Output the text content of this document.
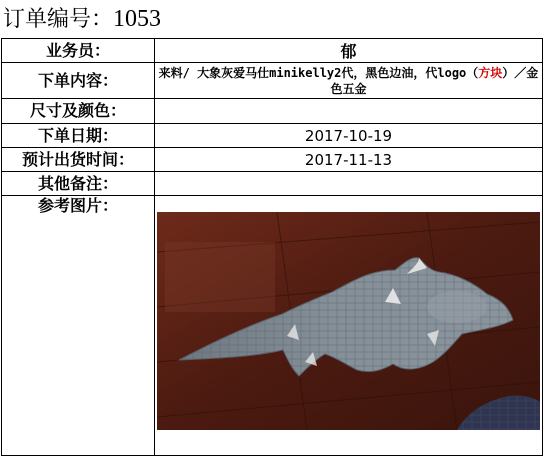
订单编号：1053
业务员：	郁
下单内容：	来料/ 大象灰爱马仕minikelly2代，黑色边油，代logo（方块）／金色五金
尺寸及颜色：	
下单日期：	2017-10-19
预计出货时间：	2017-11-13
其他备注：	
参考图片：	
